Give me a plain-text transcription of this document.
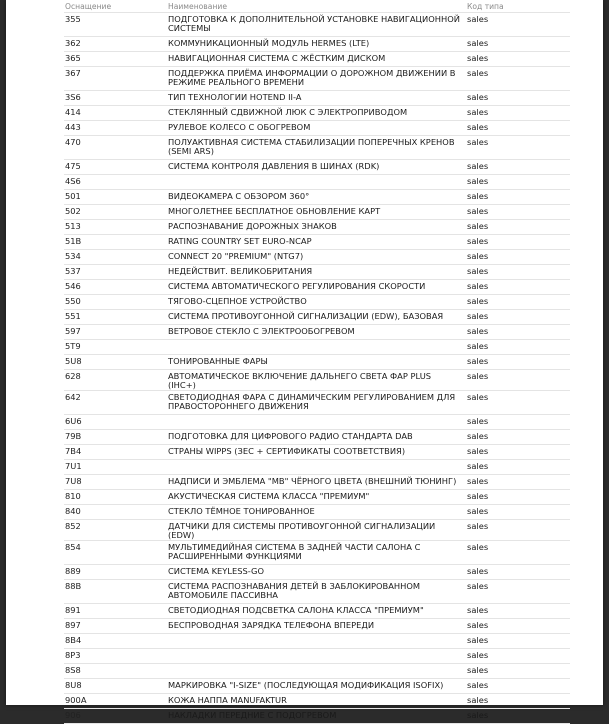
Оснащение	Наименование	Код типа
355	ПОДГОТОВКА К ДОПОЛНИТЕЛЬНОЙ УСТАНОВКЕ НАВИГАЦИОННОЙ СИСТЕМЫ	sales
362	КОММУНИКАЦИОННЫЙ МОДУЛЬ HERMES (LTE)	sales
365	НАВИГАЦИОННАЯ СИСТЕМА С ЖЁСТКИМ ДИСКОМ	sales
367	ПОДДЕРЖКА ПРИЁМА ИНФОРМАЦИИ О ДОРОЖНОМ ДВИЖЕНИИ В РЕЖИМЕ РЕАЛЬНОГО ВРЕМЕНИ	sales
3S6	ТИП ТЕХНОЛОГИИ HOTEND II-A	sales
414	СТЕКЛЯННЫЙ СДВИЖНОЙ ЛЮК С ЭЛЕКТРОПРИВОДОМ	sales
443	РУЛЕВОЕ КОЛЕСО С ОБОГРЕВОМ	sales
470	ПОЛУАКТИВНАЯ СИСТЕМА СТАБИЛИЗАЦИИ ПОПЕРЕЧНЫХ КРЕНОВ (SEMI ARS)	sales
475	СИСТЕМА КОНТРОЛЯ ДАВЛЕНИЯ В ШИНАХ (RDK)	sales
4S6		sales
501	ВИДЕОКАМЕРА С ОБЗОРОМ 360°	sales
502	МНОГОЛЕТНЕЕ БЕСПЛАТНОЕ ОБНОВЛЕНИЕ КАРТ	sales
513	РАСПОЗНАВАНИЕ ДОРОЖНЫХ ЗНАКОВ	sales
51B	RATING COUNTRY SET EURO-NCAP	sales
534	CONNECT 20 "PREMIUM" (NTG7)	sales
537	НЕДЕЙСТВИТ. ВЕЛИКОБРИТАНИЯ	sales
546	СИСТЕМА АВТОМАТИЧЕСКОГО РЕГУЛИРОВАНИЯ СКОРОСТИ	sales
550	ТЯГОВО-СЦЕПНОЕ УСТРОЙСТВО	sales
551	СИСТЕМА ПРОТИВОУГОННОЙ СИГНАЛИЗАЦИИ (EDW), БАЗОВАЯ	sales
597	ВЕТРОВОЕ СТЕКЛО С ЭЛЕКТРООБОГРЕВОМ	sales
5T9		sales
5U8	ТОНИРОВАННЫЕ ФАРЫ	sales
628	АВТОМАТИЧЕСКОЕ ВКЛЮЧЕНИЕ ДАЛЬНЕГО СВЕТА ФАР PLUS (IHC+)	sales
642	СВЕТОДИОДНАЯ ФАРА С ДИНАМИЧЕСКИМ РЕГУЛИРОВАНИЕМ ДЛЯ ПРАВОСТОРОННЕГО ДВИЖЕНИЯ	sales
6U6		sales
79B	ПОДГОТОВКА ДЛЯ ЦИФРОВОГО РАДИО СТАНДАРТА DAB	sales
7B4	СТРАНЫ WIPPS (ЗЕС + СЕРТИФИКАТЫ СООТВЕТСТВИЯ)	sales
7U1		sales
7U8	НАДПИСИ И ЭМБЛЕМА "MB" ЧЁРНОГО ЦВЕТА (ВНЕШНИЙ ТЮНИНГ)	sales
810	АКУСТИЧЕСКАЯ СИСТЕМА КЛАССА "ПРЕМИУМ"	sales
840	СТЕКЛО ТЁМНОЕ ТОНИРОВАННОЕ	sales
852	ДАТЧИКИ ДЛЯ СИСТЕМЫ ПРОТИВОУГОННОЙ СИГНАЛИЗАЦИИ (EDW)	sales
854	МУЛЬТИМЕДИЙНАЯ СИСТЕМА В ЗАДНЕЙ ЧАСТИ САЛОНА С РАСШИРЕННЫМИ ФУНКЦИЯМИ	sales
889	СИСТЕМА KEYLESS-GO	sales
88B	СИСТЕМА РАСПОЗНАВАНИЯ ДЕТЕЙ В ЗАБЛОКИРОВАННОМ АВТОМОБИЛЕ ПАССИВНА	sales
891	СВЕТОДИОДНАЯ ПОДСВЕТКА САЛОНА КЛАССА "ПРЕМИУМ"	sales
897	БЕСПРОВОДНАЯ ЗАРЯДКА ТЕЛЕФОНА ВПЕРЕДИ	sales
8B4		sales
8P3		sales
8S8		sales
8U8	МАРКИРОВКА "I-SIZE" (ПОСЛЕДУЮЩАЯ МОДИФИКАЦИЯ ISOFIX)	sales
900A	КОЖА НАППА MANUFAKTUR	sales
906	НАКЛАДКИ ПЕРЕДНИЕ С ПОДОГРЕВОМ	sales
